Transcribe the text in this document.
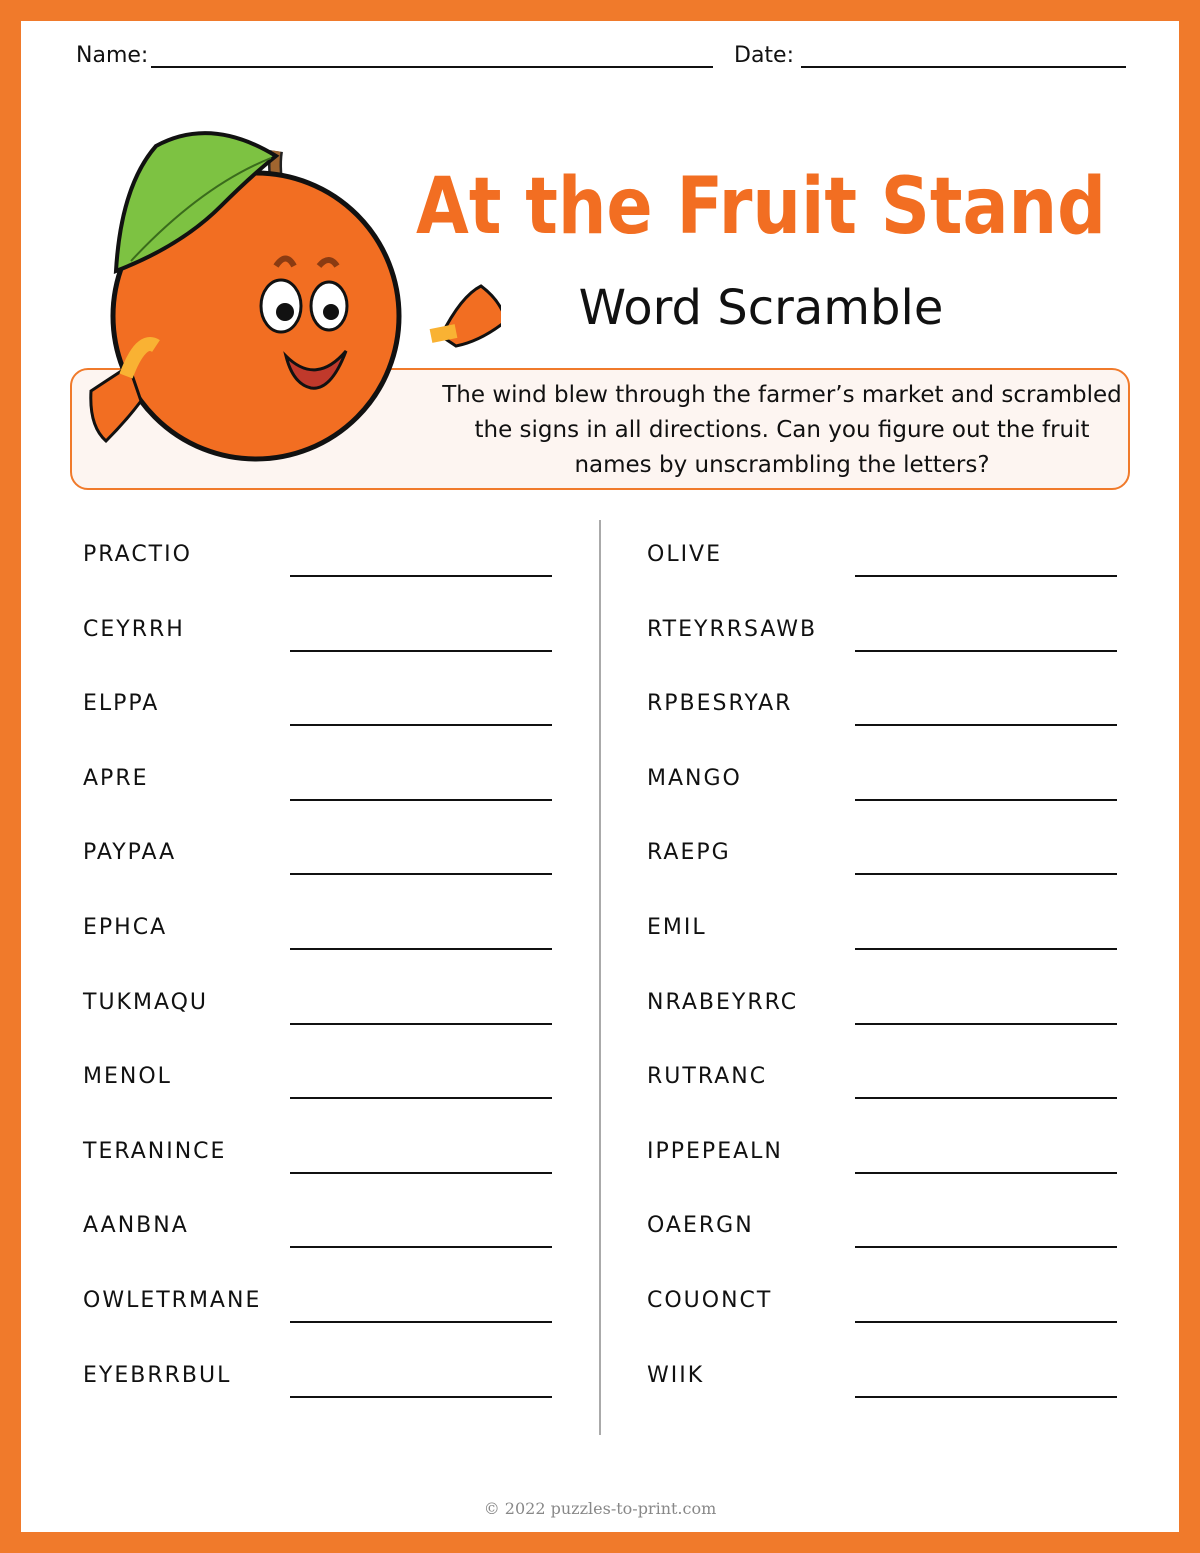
Name:	Date:
The wind blew through the farmer’s market and scrambled the signs in all directions. Can you figure out the fruit names by unscrambling the letters?
At the Fruit Stand
Word Scramble
PRACTIO
CEYRRH
ELPPA
APRE
PAYPAA
EPHCA
TUKMAQU
MENOL
TERANINCE
AANBNA
OWLETRMANE
EYEBRRBUL
OLIVE
RTEYRRSAWB
RPBESRYAR
MANGO
RAEPG
EMIL
NRABEYRRC
RUTRANC
IPPEPEALN
OAERGN
COUONCT
WIIK
© 2022 puzzles-to-print.com
